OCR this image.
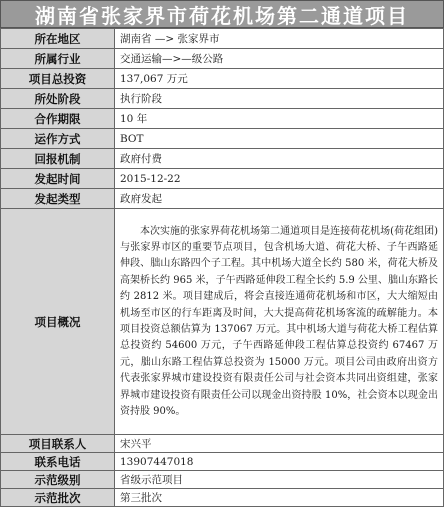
湖南省张家界市荷花机场第二通道项目
所在地区	湖南省 —> 张家界市
所属行业	交通运输—>—级公路
项目总投资	137,067 万元
所处阶段	执行阶段
合作期限	10 年
运作方式	BOT
回报机制	政府付费
发起时间	2015-12-22
发起类型	政府发起
项目概况	本次实施的张家界荷花机场第二通道项目是连接荷花机场(荷花组团)与张家界市区的重要节点项目，包含机场大道、荷花大桥、子午西路延伸段、朏山东路四个子工程。其中机场大道全长约 580 米，荷花大桥及高架桥长约 965 米，子午西路延伸段工程全长约 5.9 公里、朏山东路长约 2812 米。项目建成后，将会直接连通荷花机场和市区，大大缩短由机场至市区的行车距离及时间，大大提高荷花机场客流的疏解能力。本项目投资总额估算为 137067 万元。其中机场大道与荷花大桥工程估算总投资约 54600 万元，子午西路延伸段工程估算总投资约 67467 万元，朏山东路工程估算总投资为 15000 万元。项目公司由政府出资方代表张家界城市建设投资有限责任公司与社会资本共同出资组建，张家界城市建设投资有限责任公司以现金出资持股 10%，社会资本以现金出资持股 90%。
项目联系人	宋兴平
联系电话	13907447018
示范级别	省级示范项目
示范批次	第三批次
